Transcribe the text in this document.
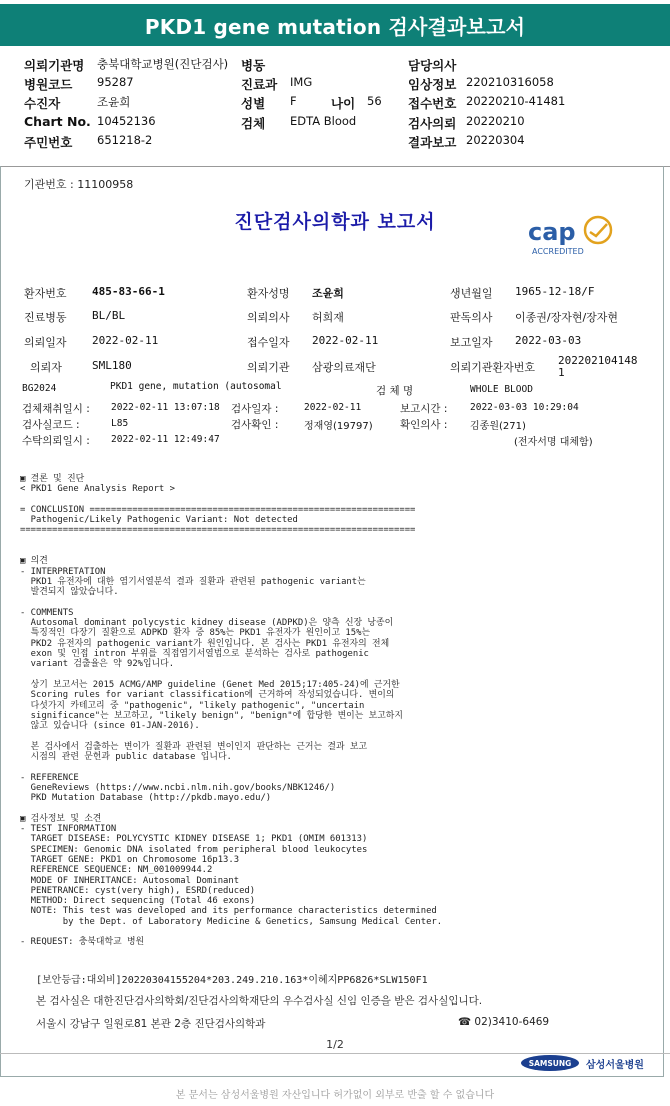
PKD1 gene mutation 검사결과보고서
의뢰기관명 충북대학교병원(진단검사) 병동	담당의사
병원코드 95287	진료과 IMG	임상정보 220210316058
수진자	조윤희	성별 F	나이 56 접수번호 20220210-41481
Chart No. 10452136	검체 EDTA Blood	검사의뢰 20220210
주민번호 651218-2	결과보고 20220304
기관번호 : 11100958
진단검사의학과 보고서	cap
ACCREDITED
환자번호 485-83-66-1	환자성명 조윤희	생년월일 1965-12-18/F
진료병동 BL/BL	의뢰의사 허희재	판독의사 이종권/장자현/장자현
의뢰일자 2022-02-11	접수일자 2022-02-11	보고일자 2022-03-03
의뢰자	SML180	의뢰기관 삼광의료재단	의뢰기관환자번호
202202104148
1
BG2024	PKD1 gene, mutation (autosomal	검 체 명	WHOLE BLOOD
검체채취일시 : 2022-02-11 13:07:18 검사일자 :	2022-02-11	보고시간 : 2022-03-03 10:29:04
검사실코드 :	L85	검사확인 :	정재영(19797)	확인의사 : 김종원(271)
수탁의뢰일시 : 2022-02-11 12:49:47	(전자서명 대체함)
▣ 결론 및 진단
< PKD1 Gene Analysis Report >

= CONCLUSION =============================================================
Pathogenic/Likely Pathogenic Variant: Not detected
==========================================================================

▣ 의견
- INTERPRETATION
PKD1 유전자에 대한 염기서열분석 결과 질환과 관련된 pathogenic variant는
발견되지 않았습니다.

- COMMENTS
Autosomal dominant polycystic kidney disease (ADPKD)은 양측 신장 낭종이
특징적인 다장기 질환으로 ADPKD 환자 중 85%는 PKD1 유전자가 원인이고 15%는
PKD2 유전자의 pathogenic variant가 원인입니다. 본 검사는 PKD1 유전자의 전체
exon 및 인접 intron 부위를 직접염기서열법으로 분석하는 검사로 pathogenic
variant 검출율은 약 92%입니다.

상기 보고서는 2015 ACMG/AMP guideline (Genet Med 2015;17:405-24)에 근거한
Scoring rules for variant classification에 근거하여 작성되었습니다. 변이의
다섯가지 카테고리 중 "pathogenic", "likely pathogenic", "uncertain
significance"는 보고하고, "likely benign", "benign"에 합당한 변이는 보고하지
않고 있습니다 (since 01-JAN-2016).

본 검사에서 검출하는 변이가 질환과 관련된 변이인지 판단하는 근거는 결과 보고
시점의 관련 문헌과 public database 입니다.

- REFERENCE
GeneReviews (https://www.ncbi.nlm.nih.gov/books/NBK1246/)
PKD Mutation Database (http://pkdb.mayo.edu/)

▣ 검사정보 및 소견
- TEST INFORMATION
TARGET DISEASE: POLYCYSTIC KIDNEY DISEASE 1; PKD1 (OMIM 601313)
SPECIMEN: Genomic DNA isolated from peripheral blood leukocytes
TARGET GENE: PKD1 on Chromosome 16p13.3
REFERENCE SEQUENCE: NM_001009944.2
MODE OF INHERITANCE: Autosomal Dominant
PENETRANCE: cyst(very high), ESRD(reduced)
METHOD: Direct sequencing (Total 46 exons)
NOTE: This test was developed and its performance characteristics determined
by the Dept. of Laboratory Medicine & Genetics, Samsung Medical Center.

- REQUEST: 충북대학교 병원
[보안등급:대외비]20220304155204*203.249.210.163*이혜지PP6826*SLW150F1
본 검사실은 대한진단검사의학회/진단검사의학재단의 우수검사실 신임 인증을 받은 검사실입니다.
서울시 강남구 일원로81 본관 2층 진단검사의학과	☎ 02)3410-6469
1/2
SAMSUNG 삼성서울병원
본 문서는 삼성서울병원 자산입니다 허가없이 외부로 반출 할 수 없습니다
